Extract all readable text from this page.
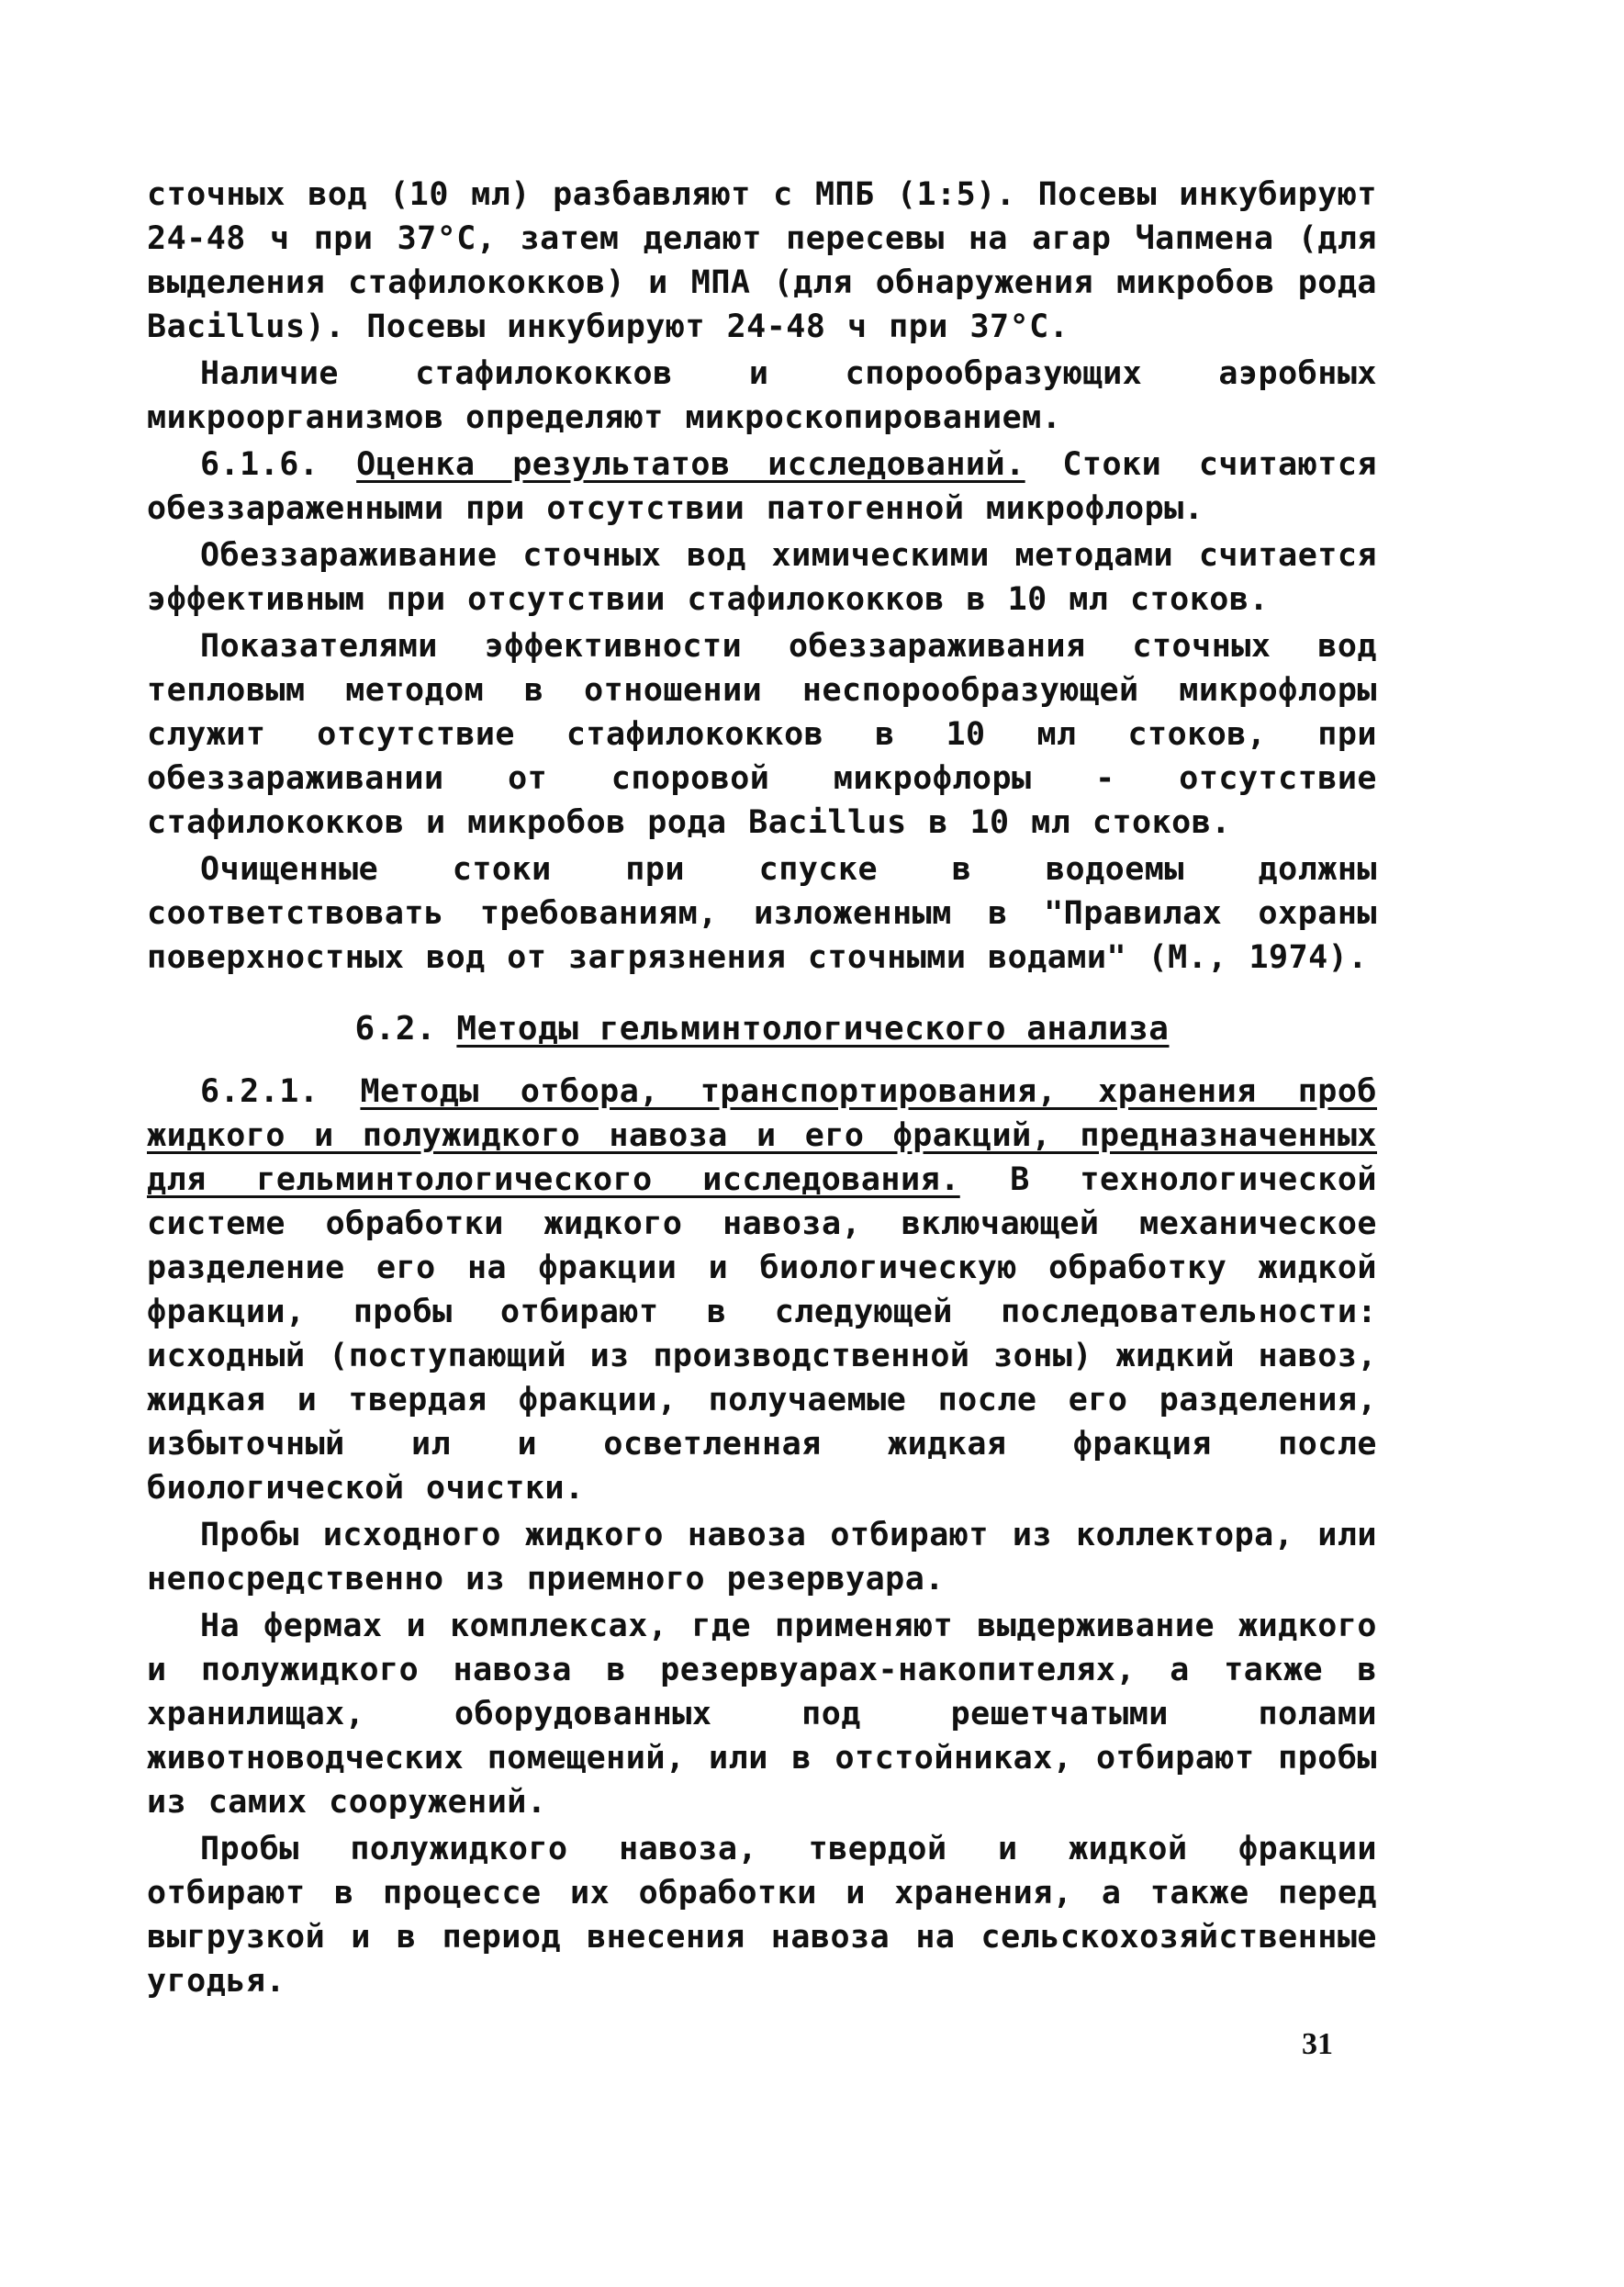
сточных вод (10 мл) разбавляют с МПБ (1:5). Посевы инкубируют 24-48 ч при 37°С, затем делают пересевы на агар Чапмена (для выделения стафилококков) и МПА (для обнаружения микробов рода Bacillus). Посевы инкубируют 24-48 ч при 37°С.

Наличие стафилококков и спорообразующих аэробных микроорганизмов определяют микроскопированием.

6.1.6. Оценка результатов исследований. Стоки считаются обеззараженными при отсутствии патогенной микрофлоры.

Обеззараживание сточных вод химическими методами считается эффективным при отсутствии стафилококков в 10 мл стоков.

Показателями эффективности обеззараживания сточных вод тепловым методом в отношении неспорообразующей микрофлоры служит отсутствие стафилококков в 10 мл стоков, при обеззараживании от споровой микрофлоры - отсутствие стафилококков и микробов рода Bacillus в 10 мл стоков.

Очищенные стоки при спуске в водоемы должны соответствовать требованиям, изложенным в "Правилах охраны поверхностных вод от загрязнения сточными водами" (М., 1974).

6.2. Методы гельминтологического анализа

6.2.1. Методы отбора, транспортирования, хранения проб жидкого и полужидкого навоза и его фракций, предназначенных для гельминтологического исследования. В технологической системе обработки жидкого навоза, включающей механическое разделение его на фракции и биологическую обработку жидкой фракции, пробы отбирают в следующей последовательности: исходный (поступающий из производственной зоны) жидкий навоз, жидкая и твердая фракции, получаемые после его разделения, избыточный ил и осветленная жидкая фракция после биологической очистки.

Пробы исходного жидкого навоза отбирают из коллектора, или непосредственно из приемного резервуара.

На фермах и комплексах, где применяют выдерживание жидкого и полужидкого навоза в резервуарах-накопителях, а также в хранилищах, оборудованных под решетчатыми полами животноводческих помещений, или в отстойниках, отбирают пробы из самих сооружений.

Пробы полужидкого навоза, твердой и жидкой фракции отбирают в процессе их обработки и хранения, а также перед выгрузкой и в период внесения навоза на сельскохозяйственные угодья.

31
